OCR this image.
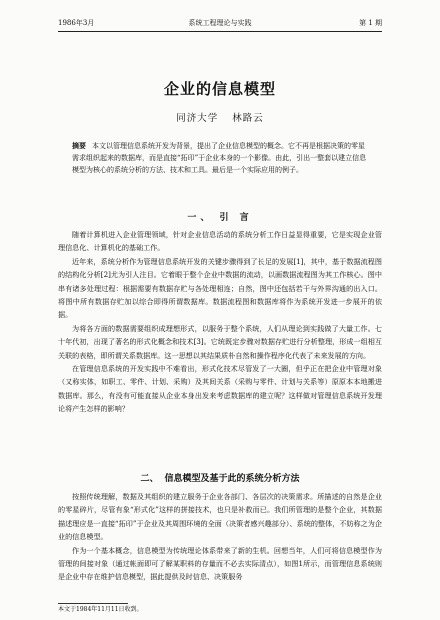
1986年3月	系统工程理论与实践	第 1 期
企业的信息模型
同济大学 林路云
摘要 本文以管理信息系统开发为背景，提出了企业信息模型的概念。它不再是根据决策的零星需求组织起来的数据库，而是直接“拓印”于企业本身的一个影像。由此，引出一整套以建立信息模型为核心的系统分析的方法、技术和工具。最后是一个实际应用的例子。
一、 引 言

随着计算机进入企业管理领域，针对企业信息活动的系统分析工作日益显得重要，它是实现企业管理信息化、计算机化的基础工作。

近年来，系统分析作为管理信息系统开发的关键步骤得到了长足的发展[1]，其中，基于数据流程图的结构化分析[2]尤为引人注目。它着眼于整个企业中数据的流动，以画数据流程图为其工作核心。图中串有诸多处理过程：根据需要有数据存贮与各处理相连；自然，图中还包括若干与外界沟通的出入口。将图中所有数据存贮加以综合即得所谓数据库。数据流程图和数据库将作为系统开发进一步展开的依据。

为将各方面的数据需要组织成理想形式，以服务于整个系统，人们从理论到实践做了大量工作。七十年代初，出现了著名的形式化概念和技术[3]。它统既定步骤对数据存贮进行分析整理，形成一组相互关联的表格，即所谓关系数据库。这一思想以其结果质朴自然和操作程序化代表了未来发展的方向。

在管理信息系统的开发实践中不难看出，形式化技术尽管发了一大圈，但乎正在把企业中管理对象（又称实体，如职工、零件、计划、采购）及其间关系（采购与零件、计划与关系等）原原本本地搬进数据库。那么，有没有可能直接从企业本身出发来考虑数据库的建立呢？这样做对管理信息系统开发理论将产生怎样的影响？

二、 信息模型及基于此的系统分析方法

按照传统理解，数据及其组织的建立服务于企业各部门、各层次的决策需求。所描述的自然是企业的零星碎片，尽管有象“形式化”这样的拼接技术，也只是补救而已。我们所管理的是整个企业，其数据描述理应是一直接“拓印”于企业及其周围环境的全面（决策者感兴趣部分）、系统的整体，不妨称之为企业的信息模型。

作为一个基本概念，信息模型为传统理论体系带来了新的生机。回想当年，人们可将信息模型作为管理的间接对象（通过帐面即可了解某职料的存量而不必去实际清点），如图1所示，而管理信息系统则是企业中存在维护信息模型，据此提供及时信息、决策服务

本文于1984年11月11日收到。
